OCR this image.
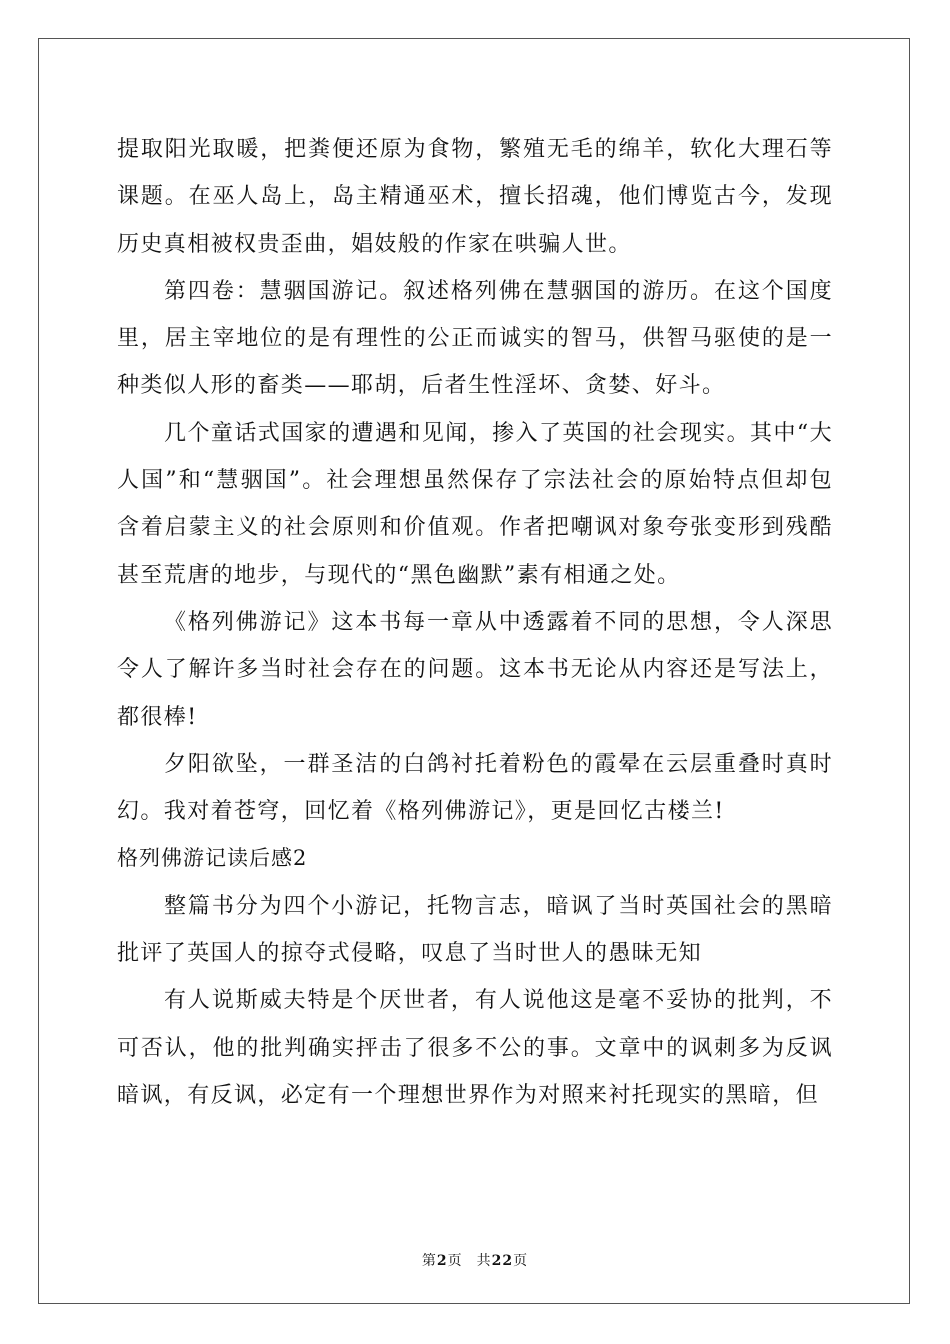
提取阳光取暖，把粪便还原为食物，繁殖无毛的绵羊，软化大理石等课题。在巫人岛上，岛主精通巫术，擅长招魂，他们博览古今，发现历史真相被权贵歪曲，娼妓般的作家在哄骗人世。

第四卷：慧骃国游记。叙述格列佛在慧骃国的游历。在这个国度里，居主宰地位的是有理性的公正而诚实的智马，供智马驱使的是一种类似人形的畜类——耶胡，后者生性淫坏、贪婪、好斗。

几个童话式国家的遭遇和见闻，掺入了英国的社会现实。其中“大人国”和“慧骃国”。社会理想虽然保存了宗法社会的原始特点但却包含着启蒙主义的社会原则和价值观。作者把嘲讽对象夸张变形到残酷甚至荒唐的地步，与现代的“黑色幽默”素有相通之处。

《格列佛游记》这本书每一章从中透露着不同的思想，令人深思令人了解许多当时社会存在的问题。这本书无论从内容还是写法上，都很棒!

夕阳欲坠，一群圣洁的白鸽衬托着粉色的霞晕在云层重叠时真时幻。我对着苍穹，回忆着《格列佛游记》，更是回忆古楼兰!

格列佛游记读后感2

整篇书分为四个小游记，托物言志，暗讽了当时英国社会的黑暗批评了英国人的掠夺式侵略，叹息了当时世人的愚昧无知

有人说斯威夫特是个厌世者，有人说他这是毫不妥协的批判，不可否认，他的批判确实抨击了很多不公的事。文章中的讽刺多为反讽暗讽，有反讽，必定有一个理想世界作为对照来衬托现实的黑暗，但

第2页 共22页
